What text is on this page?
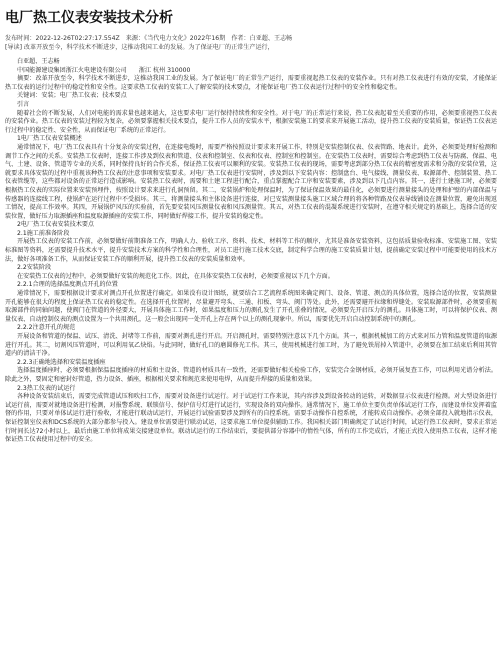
电厂热工仪表安装技术分析
发布时间：2022-12-26T02:27:17.554Z　来源：《当代电力文化》2022年16期　作者：白亚超、王志畅
[导读] 改革开放至今，科学技术不断进步，这推动我国工业的发展。为了保证电厂的正常生产运行，
白亚超、王志畅
中国能源建设集团浙江火电建设有限公司　　浙江 杭州 310000
摘要：改革开放至今，科学技术不断进步，这推动我国工业的发展。为了保证电厂的正常生产运行，需要重视起热工仪表的安装作业。只有对热工仪表进行有效的安装，才能保证热工仪表的运行过程中的稳定性和安全性。这要求热工仪表的安装工人了解安装的技术要点，才能保证电厂热工仪表运行过程中的安全性和稳定性。
关键词：安装；电厂热工仪表；技术要点
引言
随着社会的不断发展，人们对电能的需求量也越来越大，这也要求电厂运行保持持续性和安全性。对于电厂的正常运行来说，热工仪表起着至关重要的作用，必须要重视热工仪表的安装作业。热工仪表的安装过程较为复杂，必须要掌握相关技术要点，提升工作人员的安装水平，根据安装施工的要求来开展施工活动，提升热工仪表的安装质量，保证热工仪表运行过程中的稳定性、安全性，从而保证电厂系统的正常运行。
1电厂热工仪表安装概述
通常情况下，电厂热工仪表具有十分复杂的安装过程，在连接电缆时，需要严格按照设计要求来开展工作，特别是安装控制仪表、仪表管路、地表计。此外，必须要处理好检测和调节工作之间的关系。安装热工仪表时，连接工作涉及到仪表和管道、仪表和控制室、仪表和仪表、控制室和控制室。在安装热工仪表时，需要综合考虑到热工仪表与防腐、保温、电气、土建、设备、管道等专业的关系，同时保持良好的合作关系，保证热工仪表可以顺利的安装。安装热工仪表的现场，需要考虑到部分热工仪表的精密度需求和分散的安装位置，这就要求具体安装的过程中重视该种热工仪表的注意事项和安装要求。对电厂热工仪表进行安装时，涉及到以下安装内容：控制盘台、电气接线、测量仪表、取源部件、控制装置、热工仪表管缆等，这些都对设备的正常运行造成影响。安装热工仪表时，需要和土建工程进行配合，重点掌握配合工序和安装要素，涉及到以下几点内容。其一，进行土建施工时，必须要根据热工仪表的实际位置来安装预埋件，按照设计要求来进行孔洞预留。其二，安装锅炉和处理保温时，为了保证保温效果的最佳化，必须要进行测量接头的处理和护壁的内部保温与传感器的连接线工程，使锅炉在运行过程中不受损坏。其三，将测量接头和主体设备进行连接，对已安装测量接头施工区域合理的将各种管路及仪表导线铺设在测量位置，避免出现返工情况，提高工作效率。其四，开展锅炉风压的实验前，首先要安装风压测量仪表和风压测量管。其五，对热工仪表的混凝系统进行安装时，在遵守相关规定的基础上，选择合适的安装位置，做好压力取源插座和温度取源插座的安装工作，同时做好焊接工作，提升安装的稳定性。
2电厂热工仪表安装技术要点
2.1施工前准备阶段
开展热工仪表的安装工作前，必须要做好前期准备工作，明确人力、验收工序、资料、技术、材料等工作的顺序，尤其是准备安装资料，这包括质量验收标准、安装施工图、安装标准图等资料，还需要提升技术水平，提升安装技术方案的科学性和合理性，对员工进行施工技术交底，制定科学合理的施工安装质量计划，提前确定安装过程中可能要使用的技术方法，做好各项准备工作，从而保证安装工作的顺利开展，提升热工仪表的安装质量和效率。
2.2安装阶段
在安装热工仪表的过程中，必须要做好安装的规范化工作。因此，在具体安装热工仪表时，必须要重视以下几个方面。
2.2.1合理的选择温度测点开孔的位置
通常情况下，需要根据设计要求对测点开孔位置进行确定。如果没有设计图纸，就要结合工艺流程系统图来确定阀门、设备、管道、测点的具体位置，选择合适的位置，安装测量开孔能够在很大的程度上保证热工仪表的稳定性。在选择开孔位置时，尽量避开弯头、三通、扣板、弯头、阀门等处。此外，还需要避开拉缘和焊缝处。安装取源部件时，必须要重视取源部件的同轴问题，使阀门在管道的外径要大，开展具体施工工作时，如果温度和压力的测孔发生了开孔重叠的情况，必须要先开启压力的测孔。具体施工时，可以将保护仪表、测量仪表、自动控制仪表的测点设置为一个共用测孔，这一般会出现同一处开孔上存在两个以上的测孔现象中。所以，需要优先开启自动控制系统中的测孔。
2.2.2注意开孔的规范
开展设备和管道的保温、试压、清洗、封堵等工作前，需要对测孔进行开启。开启测孔时，需要特别注意以下几个方面。其一，根据机械加工的方式来对压力管和温度管道的取源进行开孔。其二，切割风压管道时，可以利用氧乙炔焰。与此同时，做好孔口的磨圆修光工作。其三，使用机械进行加工时，为了避免铁屑掉入管道中，必须要在加工结束后利用其管道内的清洁干净。
2.2.3正确地选择和安装温度插座
选择温度插座时，必须要根据保温温度插座的材质和主设备、管道的材质具有一致性，还需要做好相关检验工作，安装完合金钢材质，必须开展复查工作，可以利用光谱分析法。除此之外，要固定和密封好管道，热力设备、插座，根据相关要求和规范来使用电焊，从而提升焊接的质量和效果。
2.3热工仪表的试运行
各种设备安装结束后，需要完成管道试压和吹扫工作，需要对设备进行试运行。对于试运行工作来说，其内容涉及到设备转动的运转，对数据显示仪表进行检测。对大型设备进行试运行前，需要对就地设备进行检测，对报警系统、联锁信号、保护信号灯进行试运行，实现设备的双向操作。通常情况下，施工单位主要负责单体试运行工作，而建设单位发挥着监督的作用，只要对单体试运行进行验收，才能进行联动试运行，开展运行试验需要涉及到所有的自控系统。需要手动操作自控系统，才能转成自动操作。必须全部投入就地指示仪表，保证控制室仪表和DCS系统的大部分都参与投入。建设单位需要进行联动试运，这要求施工单位提供辅助工作。我国相关部门明确规定了试运行时间，试运行热工仪表时，要求正常运行时间长达72小时以上，最后由施工单位将成果交接建设单位。联动试运行的工作结束后，要提供部分容器中的惰性气体，所有的工作完成后，才能正式投入使用热工仪表，这样才能保证热工仪表使用过程中的安全。
